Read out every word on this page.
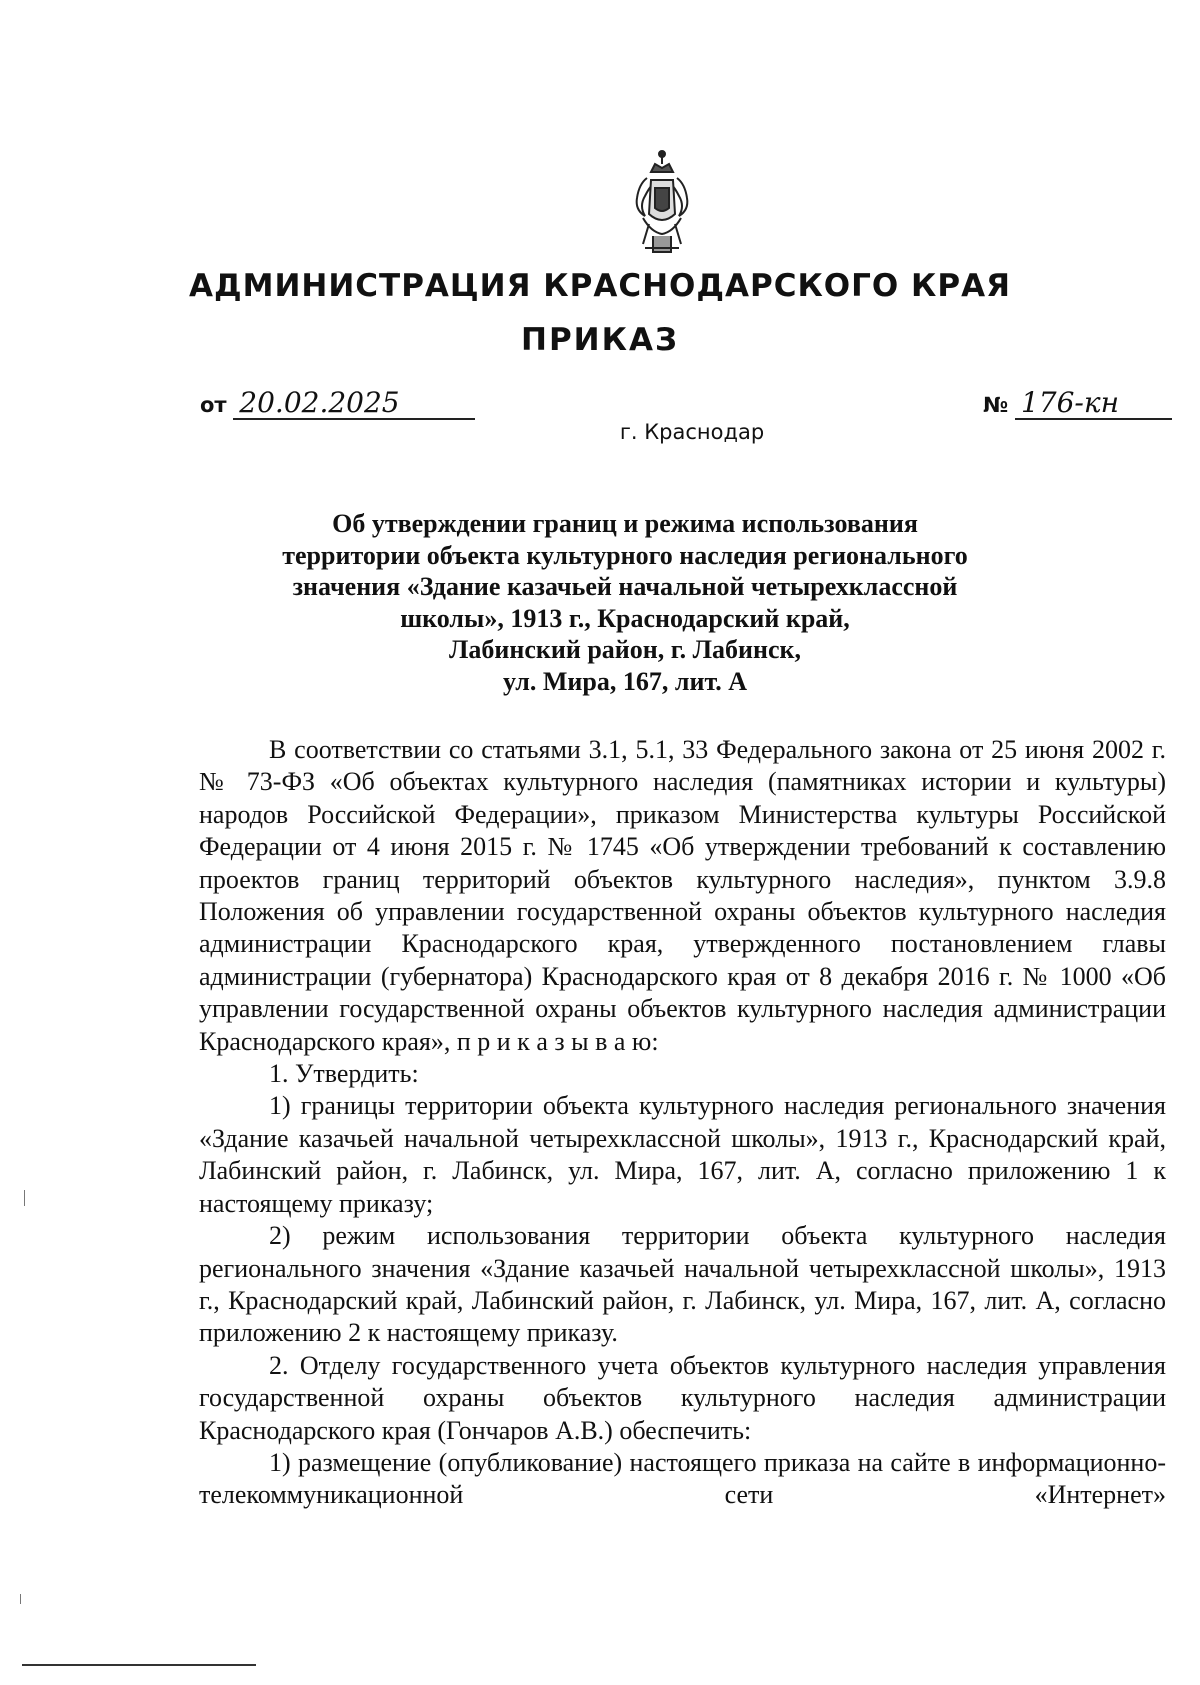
АДМИНИСТРАЦИЯ КРАСНОДАРСКОГО КРАЯ
ПРИКАЗ
от 20.02.2025	№ 176-кн
г. Краснодар
Об утверждении границ и режима использования
территории объекта культурного наследия регионального
значения «Здание казачьей начальной четырехклассной
школы», 1913 г., Краснодарский край,
Лабинский район, г. Лабинск,
ул. Мира, 167, лит. А

В соответствии со статьями 3.1, 5.1, 33 Федерального закона от 25 июня 2002 г. № 73-ФЗ «Об объектах культурного наследия (памятниках истории и культуры) народов Российской Федерации», приказом Министерства культуры Российской Федерации от 4 июня 2015 г. № 1745 «Об утверждении требований к составлению проектов границ территорий объектов культурного наследия», пунктом 3.9.8 Положения об управлении государственной охраны объектов культурного наследия администрации Краснодарского края, утвержденного постановлением главы администрации (губернатора) Краснодарского края от 8 декабря 2016 г. № 1000 «Об управлении государственной охраны объектов культурного наследия администрации Краснодарского края», п р и к а з ы в а ю:

1. Утвердить:

1) границы территории объекта культурного наследия регионального значения «Здание казачьей начальной четырехклассной школы», 1913 г., Краснодарский край, Лабинский район, г. Лабинск, ул. Мира, 167, лит. А, согласно приложению 1 к настоящему приказу;

2) режим использования территории объекта культурного наследия регионального значения «Здание казачьей начальной четырехклассной школы», 1913 г., Краснодарский край, Лабинский район, г. Лабинск, ул. Мира, 167, лит. А, согласно приложению 2 к настоящему приказу.

2. Отделу государственного учета объектов культурного наследия управления государственной охраны объектов культурного наследия администрации Краснодарского края (Гончаров А.В.) обеспечить:

1) размещение (опубликование) настоящего приказа на сайте в информационно-телекоммуникационной сети «Интернет»
